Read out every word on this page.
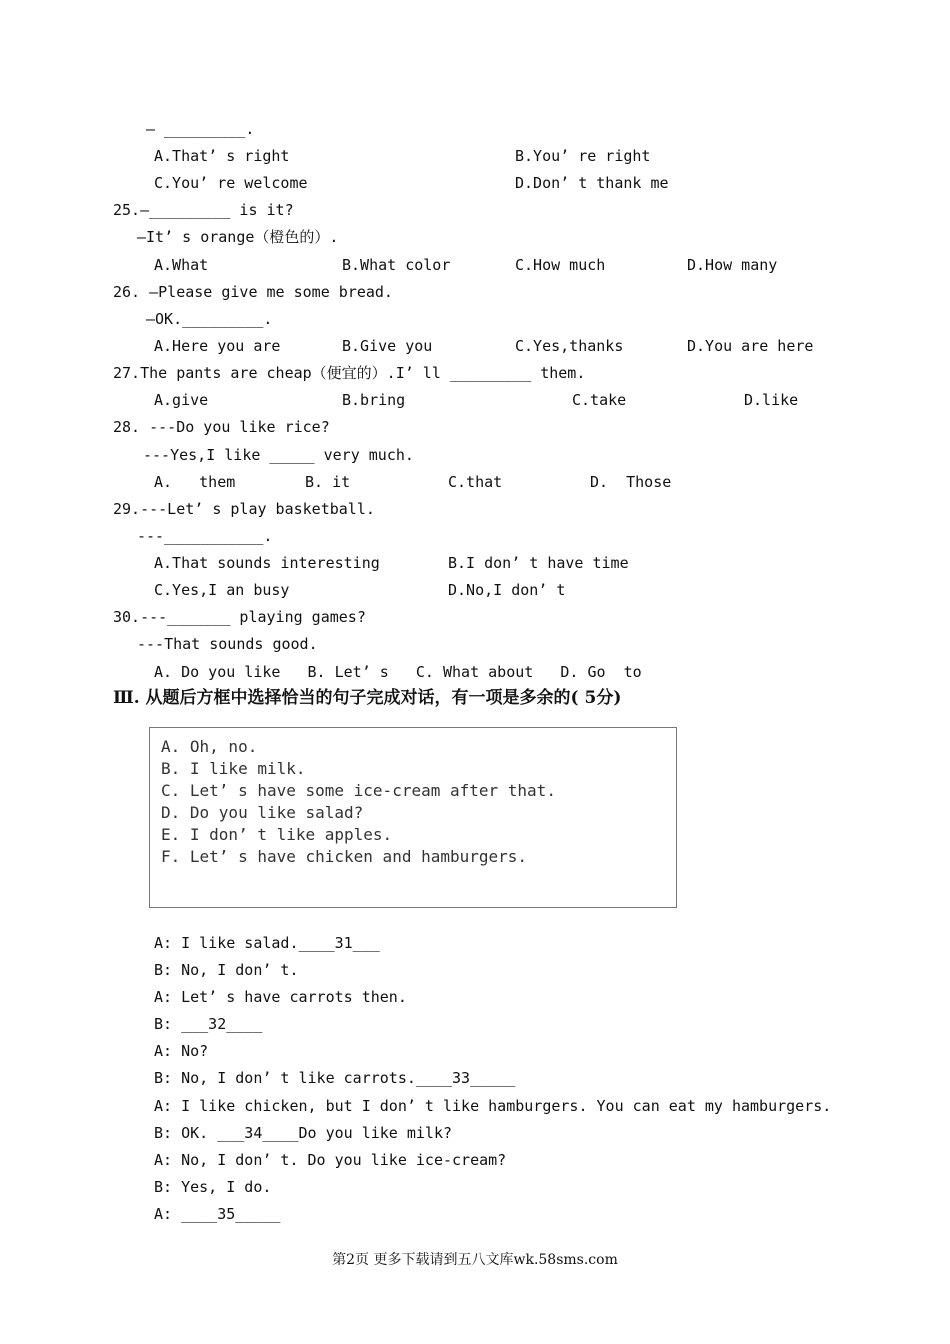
— _________.
A.That’ s right	B.You’ re right
C.You’ re welcome	D.Don’ t thank me
25.—_________ is it?
—It’ s orange（橙色的）.
A.What	B.What color	C.How much	D.How many
26. —Please give me some bread.
—OK._________.
A.Here you are	B.Give you	C.Yes,thanks	D.You are here
27.The pants are cheap（便宜的）.I’ ll _________ them.
A.give	B.bring	C.take	D.like
28. ---Do you like rice?
---Yes,I like _____ very much.
A.   them	B. it	C.that	D.  Those
29.---Let’ s play basketball.
---___________.
A.That sounds interesting	B.I don’ t have time
C.Yes,I an busy	D.No,I don’ t
30.---_______ playing games?
---That sounds good.
A. Do you like   B. Let’ s   C. What about   D. Go  to
Ⅲ. 从题后方框中选择恰当的句子完成对话，有一项是多余的( 5分)
A. Oh, no.
B. I like milk.
C. Let’ s have some ice-cream after that.
D. Do you like salad?
E. I don’ t like apples.
F. Let’ s have chicken and hamburgers.
A: I like salad.____31___
B: No, I don’ t.
A: Let’ s have carrots then.
B: ___32____
A: No?
B: No, I don’ t like carrots.____33_____
A: I like chicken, but I don’ t like hamburgers. You can eat my hamburgers.
B: OK. ___34____Do you like milk?
A: No, I don’ t. Do you like ice-cream?
B: Yes, I do.
A: ____35_____
第2页 更多下载请到五八文库wk.58sms.com
